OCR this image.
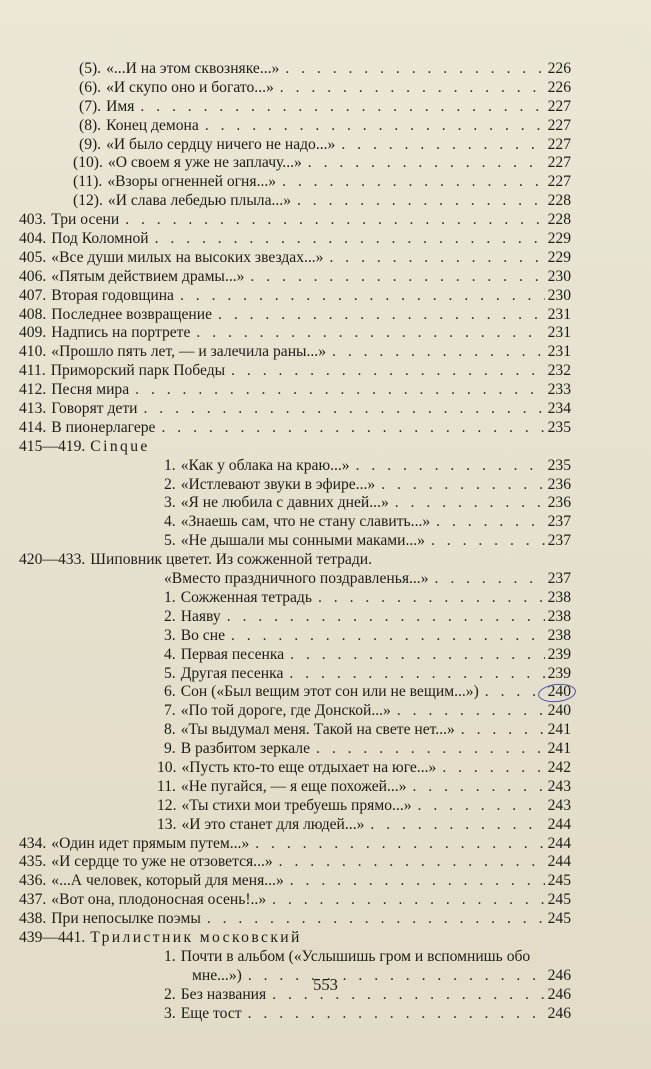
(5). «...И на этом сквозняке...» . . .	226
(6). «И скупо оно и богато...» . . .	226
(7). Имя . . .	227
(8). Конец демона . . .	227
(9). «И было сердцу ничего не надо...» . . .	227
(10). «О своем я уже не заплачу...» . . .	227
(11). «Взоры огненней огня...» . . .	227
(12). «И слава лебедью плыла...» . . .	228
403. Три осени . . .	228
404. Под Коломной . . .	229
405. «Все души милых на высоких звездах...» . . .	229
406. «Пятым действием драмы...» . . .	230
407. Вторая годовщина . . .	230
408. Последнее возвращение . . .	231
409. Надпись на портрете . . .	231
410. «Прошло пять лет, — и залечила раны...» . . .	231
411. Приморский парк Победы . . .	232
412. Песня мира . . .	233
413. Говорят дети . . .	234
414. В пионерлагере . . .	235
415—419. Cinque
1. «Как у облака на краю...» . . .	235
2. «Истлевают звуки в эфире...» . . .	236
3. «Я не любила с давних дней...» . . .	236
4. «Знаешь сам, что не стану славить...» . . .	237
5. «Не дышали мы сонными маками...» . . .	237
420—433. Шиповник цветет. Из сожженной тетради.
«Вместо праздничного поздравленья...» . . .	237
1. Сожженная тетрадь . . .	238
2. Наяву . . .	238
3. Во сне . . .	238
4. Первая песенка . . .	239
5. Другая песенка . . .	239
6. Сон («Был вещим этот сон или не вещим...») . . .	240
7. «По той дороге, где Донской...» . . .	240
8. «Ты выдумал меня. Такой на свете нет...» . . .	241
9. В разбитом зеркале . . .	241
10. «Пусть кто-то еще отдыхает на юге...» . . .	242
11. «Не пугайся, — я еще похожей...» . . .	243
12. «Ты стихи мои требуешь прямо...» . . .	243
13. «И это станет для людей...» . . .	244
434. «Один идет прямым путем...» . . .	244
435. «И сердце то уже не отзовется...» . . .	244
436. «...А человек, который для меня...» . . .	245
437. «Вот она, плодоносная осень!..» . . .	245
438. При непосылке поэмы . . .	245
439—441. Трилистник московский
1. Почти в альбом («Услышишь гром и вспомнишь обо
мне...») . . .	246
2. Без названия . . .	246
3. Еще тост . . .	246
553
